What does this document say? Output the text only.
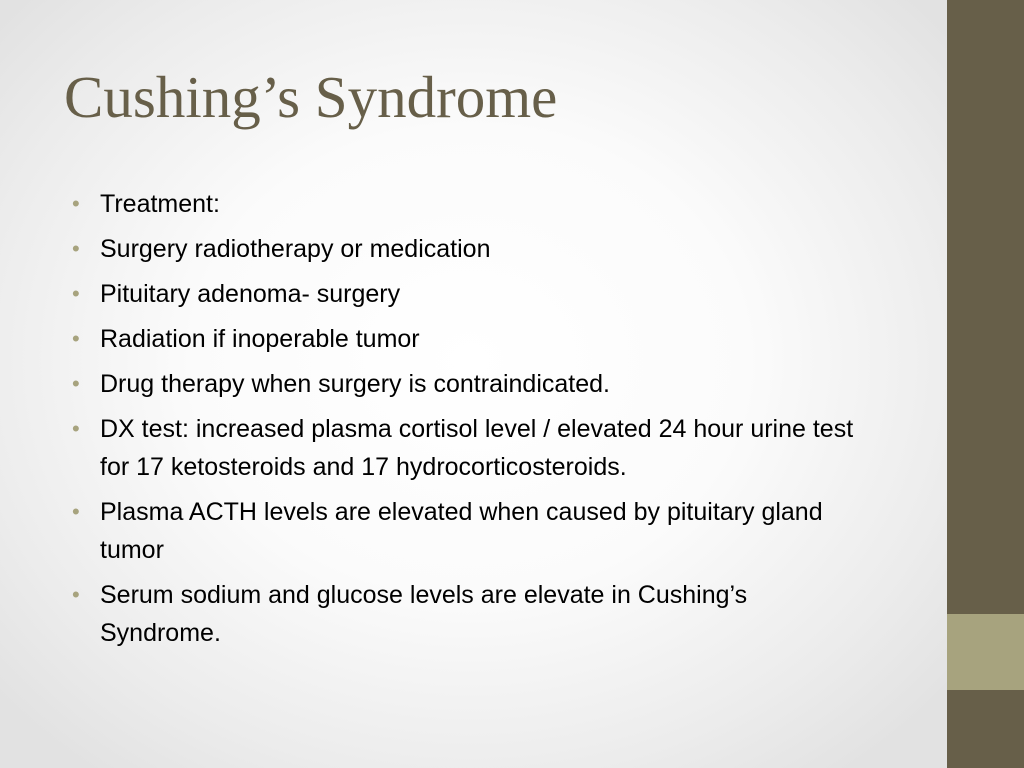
Cushing’s Syndrome
• Treatment:
• Surgery radiotherapy or medication
• Pituitary adenoma- surgery
• Radiation if inoperable tumor
• Drug therapy when surgery is contraindicated.
• DX test: increased plasma cortisol level / elevated 24 hour urine test for 17 ketosteroids and 17 hydrocorticosteroids.
• Plasma ACTH levels are elevated when caused by pituitary gland tumor
• Serum sodium and glucose levels are elevate in Cushing’s Syndrome.
